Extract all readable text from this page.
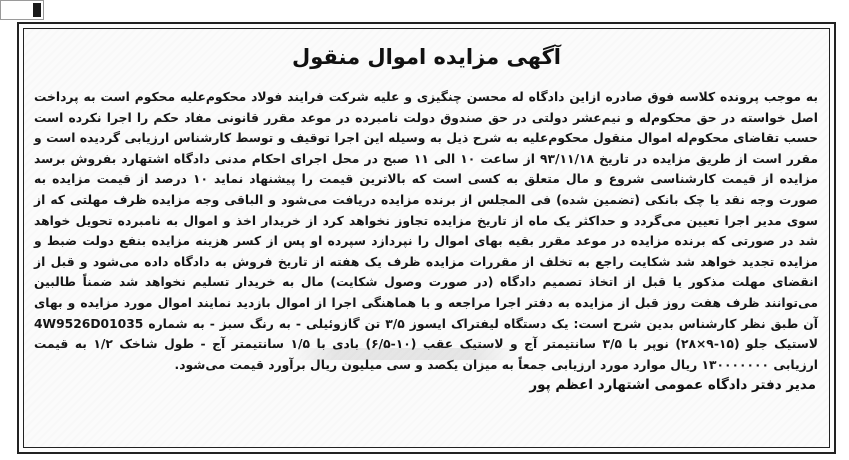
آگهی مزایده اموال منقول

به موجب پرونده کلاسه فوق صادره ازاین دادگاه له محسن چنگیزی و علیه شرکت فرایند فولاد محکوم‌علیه محکوم است به پرداخت اصل خواسته در حق محکوم‌له و نیم‌عشر دولتی در حق صندوق دولت نامبرده در موعد مقرر قانونی مفاد حکم را اجرا نکرده است حسب تقاضای محکوم‌له اموال منقول محکوم‌علیه به شرح ذیل به وسیله این اجرا توقیف و توسط کارشناس ارزیابی گردیده است و مقرر است از طریق مزایده در تاریخ ۹۳/۱۱/۱۸ از ساعت ۱۰ الی ۱۱ صبح در محل اجرای احکام مدنی دادگاه اشتهارد بفروش برسد مزایده از قیمت کارشناسی شروع و مال متعلق به کسی است که بالاترین قیمت را پیشنهاد نماید ۱۰ درصد از قیمت مزایده به صورت وجه نقد یا چک بانکی (تضمین شده) فی المجلس از برنده مزایده دریافت می‌شود و الباقی وجه مزایده ظرف مهلتی که از سوی مدیر اجرا تعیین می‌گردد و حداکثر یک ماه از تاریخ مزایده تجاوز نخواهد کرد از خریدار اخذ و اموال به نامبرده تحویل خواهد شد در صورتی که برنده مزایده در موعد مقرر بقیه بهای اموال را نپردازد سپرده او پس از کسر هزینه مزایده بنفع دولت ضبط و مزایده تجدید خواهد شد شکایت راجع به تخلف از مقررات مزایده ظرف یک هفته از تاریخ فروش به دادگاه داده می‌شود و قبل از انقضای مهلت مذکور یا قبل از اتخاذ تصمیم دادگاه (در صورت وصول شکایت) مال به خریدار تسلیم نخواهد شد ضمناً طالبین می‌توانند ظرف هفت روز قبل از مزایده به دفتر اجرا مراجعه و با هماهنگی اجرا از اموال بازدید نمایند اموال مورد مزایده و بهای آن طبق نظر کارشناس بدین شرح است: یک دستگاه لیفتراک ایسوز ۳/۵ تن گازوئیلی - به رنگ سبز - به شماره 4W9526D01035 لاستیک جلو (۱۵-۹×۲۸) نوپر با ۳/۵ سانتیمتر آج و لاستیک عقب (۱۰-۶/۵) بادی با ۱/۵ سانتیمتر آج - طول شاخک ۱/۲ به قیمت ارزیابی ۱۳۰۰۰۰۰۰۰ ریال موارد مورد ارزیابی جمعاً به میزان یکصد و سی میلیون ریال برآورد قیمت می‌شود.

مدیر دفتر دادگاه عمومی اشتهارد اعظم پور
